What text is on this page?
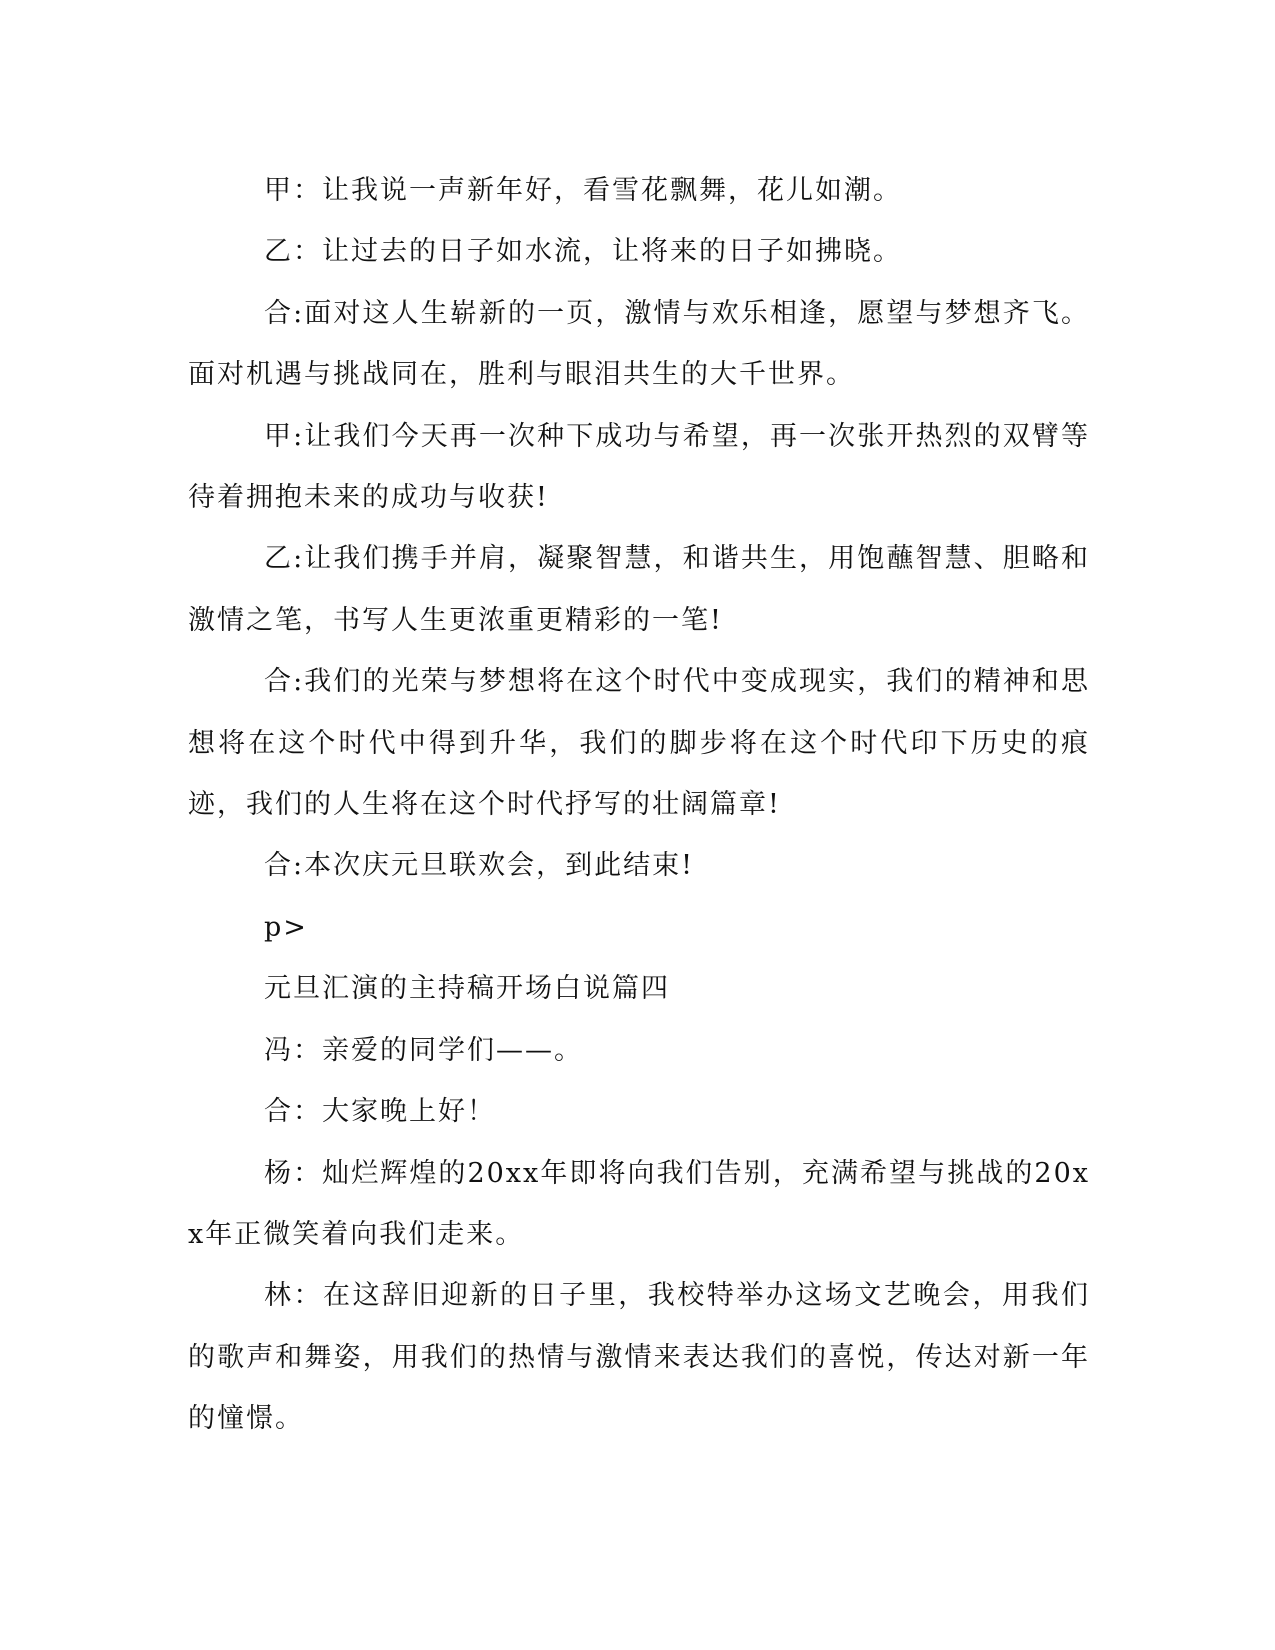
甲：让我说一声新年好，看雪花飘舞，花儿如潮。

乙：让过去的日子如水流，让将来的日子如拂晓。

合:面对这人生崭新的一页，激情与欢乐相逢，愿望与梦想齐飞。面对机遇与挑战同在，胜利与眼泪共生的大千世界。

甲:让我们今天再一次种下成功与希望，再一次张开热烈的双臂等待着拥抱未来的成功与收获!

乙:让我们携手并肩，凝聚智慧，和谐共生，用饱蘸智慧、胆略和激情之笔，书写人生更浓重更精彩的一笔!

合:我们的光荣与梦想将在这个时代中变成现实，我们的精神和思想将在这个时代中得到升华，我们的脚步将在这个时代印下历史的痕迹，我们的人生将在这个时代抒写的壮阔篇章!

合:本次庆元旦联欢会，到此结束!

p>

元旦汇演的主持稿开场白说篇四

冯：亲爱的同学们——。

合：大家晚上好！

杨：灿烂辉煌的20xx年即将向我们告别，充满希望与挑战的20xx年正微笑着向我们走来。

林：在这辞旧迎新的日子里，我校特举办这场文艺晚会，用我们的歌声和舞姿，用我们的热情与激情来表达我们的喜悦，传达对新一年的憧憬。
